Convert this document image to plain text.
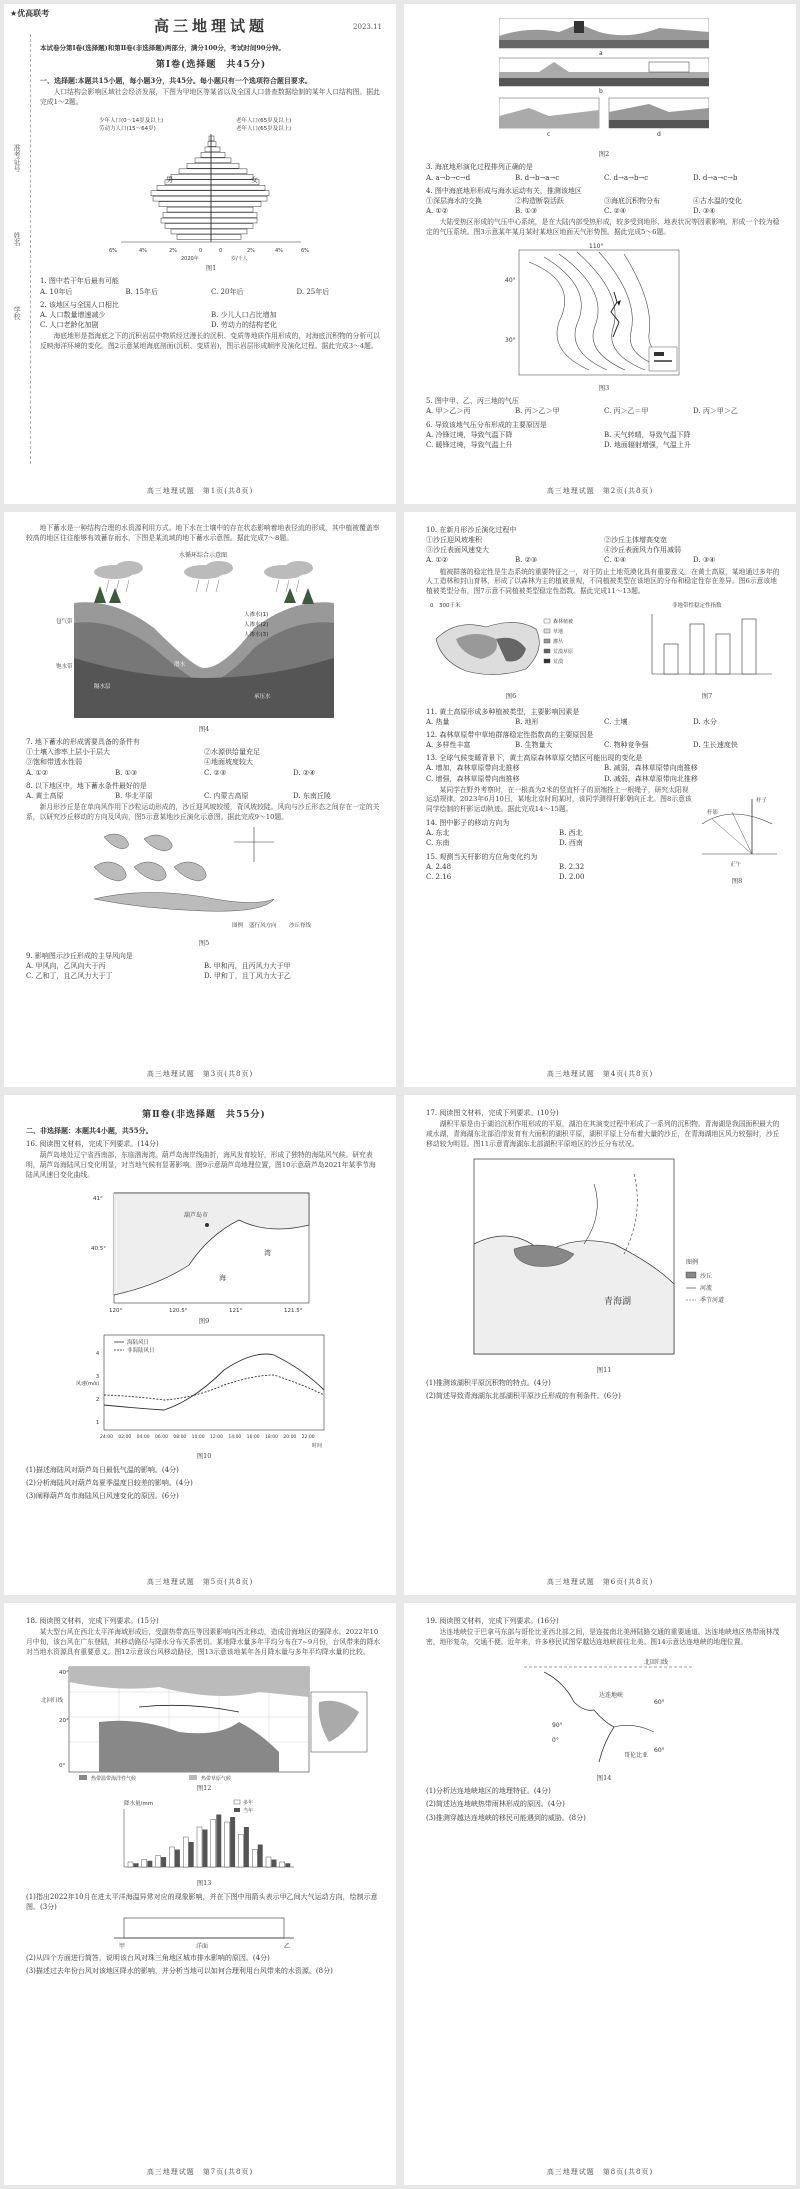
★优高联考
准考证号
姓名
学校
高三地理试题	2023.11
本试卷分第Ⅰ卷(选择题)和第Ⅱ卷(非选择题)两部分，满分100分，考试时间90分钟。
第Ⅰ卷(选择题　共45分)
一、选择题:本题共15小题，每小题3分，共45分。每小题只有一个选项符合题目要求。
人口结构会影响区域社会经济发展，下图为甲地区等某省以及全国人口普查数据绘制的某年人口结构图。据此完成1～2题。
少年人口(0～14岁及以上)
劳动力人口(15～64岁)
老年人口(65岁及以上)
老年人口(65岁及以上)
6%	4%	2%	0	0	2%	4%	6%
2020年	岁/千人
男	女
图1
1. 图中若干年后最有可能
A. 10年后	B. 15年后	C. 20年后	D. 25年后
2. 该地区与全国人口相比
A. 人口数量增速减少	B. 少儿人口占比增加
C. 人口老龄化加剧	D. 劳动力的结构老化
海底地形是指海底之下的沉积岩层中物质经过漫长的沉积、变质等地质作用形成的，对海底沉积物的分析可以反映海洋环境的变化。图2示意某地海底剖面(沉积、变质岩)，图示岩层形成顺序及演化过程。据此完成3～4题。
高三地理试题　第1页(共8页)
a
b
c	d
图2
3. 海底地形演化过程排列正确的是
A. a→b→c→d	B. d→b→a→c	C. d→a→b→c	D. d→a→c→b
4. 图中海底地形形成与海水运动有关，推测该地区
①深层海水的交换	②构造断裂活跃	③海底沉积物分布	④古水温的变化
A. ①②	B. ①③	C. ②④	D. ③④
大陆受热区形成的气压中心系统，是在大陆内部受热形成，较多受到地形、地表状况等因素影响，形成一个较为稳定的气压系统。图3示意某年某月某时某地区地面天气形势图。据此完成5～6题。
110°
40°
30°
图3
5. 图中甲、乙、丙三地的气压
A. 甲＞乙＞丙	B. 丙＞乙＞甲	C. 丙＞乙＝甲	D. 丙＞甲＞乙
6. 导致该地气压分布形成的主要原因是
A. 冷锋过境，导致气温下降	B. 天气转晴，导致气温下降
C. 暖锋过境，导致气温上升	D. 地面辐射增强，气温上升
高三地理试题　第2页(共8页)
地下蓄水是一种结构合理的水资源利用方式。地下水在土壤中的存在状态影响着地表径流的形成，其中植被覆盖率较高的地区往往能够有效蓄存雨水，下图是某流域的地下蓄水示意图。据此完成7～8题。
水循环综合示意图
包气带
饱水带	潜水
人渗水(1)
人渗水(2)
人渗水(3)
隔水层
承压水
图4
7. 地下蓄水的形成需要具备的条件有
①土壤入渗率上层小于层大	②水源供给量充足
③饱和带透水性弱	④地面坡度较大
A. ①②	B. ①③	C. ②③	D. ②④
8. 以下地区中，地下蓄水条件最好的是
A. 黄土高原	B. 华北平原	C. 内蒙古高原	D. 东南丘陵
新月形沙丘是在单向风作用下沙粒运动形成的，沙丘迎风坡较缓，背风坡较陡。风向与沙丘形态之间存在一定的关系，以研究沙丘移动的方向及风向，图5示意某地沙丘演化示意图。据此完成9～10题。
图例 盛行风方向 沙丘脊线
图5
9. 影响图示沙丘形成的主导风向是
A. 甲风向，乙风向大于丙	B. 甲和丙，且丙风力大于甲
C. 乙和丁，且乙风力大于丁	D. 甲和丁，且丁风力大于乙
高三地理试题　第3页(共8页)
10. 在新月形沙丘演化过程中
①沙丘迎风坡堆积	②沙丘主体增高变宽
③沙丘表面风速变大	④沙丘表面风力作用减弱
A. ①②	B. ②③	C. ①④	D. ③④
植被群落的稳定性是生态系统的重要特征之一，对于防止土地荒漠化具有重要意义。在黄土高原，某地通过多年的人工造林和封山育林，形成了以森林为主的植被景观，不同植被类型在该地区的分布和稳定性存在差异。图6示意该地植被类型分布，图7示意不同植被类型稳定性指数。据此完成11～13题。
0　300千米
森林植被
草地
灌丛
荒漠草原
荒漠
图6
非地带性稳定性指数
图7
11. 黄土高原形成多种植被类型，主要影响因素是
A. 热量	B. 地形	C. 土壤	D. 水分
12. 森林草原带中草地群落稳定性指数高的主要原因是
A. 多样性丰富	B. 生物量大	C. 物种竞争强	D. 生长速度快
13. 全球气候变暖背景下，黄土高原森林草原交错区可能出现的变化是
A. 增加，森林草原带向北推移	B. 减弱，森林草原带向南推移
C. 增强，森林草原带向南推移	D. 减弱，森林草原带向北推移
某同学在野外考察时，在一根高为2米的竖直杆子的顶端拴上一根绳子，研究太阳视运动规律。2023年6月10日，某地北京时间某时，该同学测得杆影朝向正北。图8示意该同学绘制的杆影运动轨迹。据此完成14～15题。
14. 图中影子的移动方向为
A. 东北	B. 西北
C. 东南	D. 西南
15. 观测当天杆影的方位角变化约为
A. 2.48	B. 2.32
C. 2.16	D. 2.00
杆影
杆子
正午
图8
高三地理试题　第4页(共8页)
第Ⅱ卷(非选择题　共55分)
二、非选择题：本题共4小题，共55分。
16. 阅读图文材料，完成下列要求。(14分)
葫芦岛地处辽宁省西南部，东临渤海湾。葫芦岛海岸线曲折，海风发育较好，形成了独特的海陆风气候。研究表明，葫芦岛海陆风日变化明显，对当地气候有显著影响。图9示意葫芦岛地理位置，图10示意葫芦岛2021年某季节海陆风风速日变化曲线。
葫芦岛市
海
湾
41°
40.5°
120°	120.5°	121°	121.5°
图9
海陆风日
非海陆风日
风速(m/s)
时间
4
3
2
1
24:00 02:00 04:00 06:00 08:00 10:00 12:00 14:00 16:00 18:00 20:00 22:00
图10
(1)描述海陆风对葫芦岛日最低气温的影响。(4分)
(2)分析海陆风对葫芦岛夏季温度日较差的影响。(4分)
(3)阐释葫芦岛市海陆风日风速变化的原因。(6分)
高三地理试题　第5页(共8页)
17. 阅读图文材料，完成下列要求。(10分)
湖积平原是由于湖泊沉积作用形成的平原，湖泊在其演变过程中形成了一系列的沉积物。青海湖是我国面积最大的咸水湖，青海湖东北部沿岸发育有大面积的湖积平原，湖积平原上分布着大量的沙丘，在青海湖地区风力较强时，沙丘移动较为明显。图11示意青海湖东北部湖积平原地区的沙丘分布状况。
青海湖
图例
沙丘
河流
季节河道
图11
(1)推测该湖积平原沉积物的特点。(4分)
(2)简述导致青海湖东北部湖积平原沙丘形成的有利条件。(6分)
高三地理试题　第6页(共8页)
18. 阅读图文材料，完成下列要求。(15分)
某大型台风在西北太平洋海域形成后，受副热带高压等因素影响向西北移动，造成沿海地区的强降水。2022年10月中旬，该台风在广东登陆，其移动路径与降水分布关系密切。某地降水量多年平均分布在7~9月份，台风带来的降水对当地水资源具有重要意义。图12示意该台风移动路径，图13示意该地某年各月降水量与多年平均降水量的比较。
北回归线
40°
20°
0°
热带温带海洋性气候	热带草原气候
图12
降水量/mm	多年
当年
图13
(1)指出2022年10月在进太平洋海温异常对应的现象影响，并在下图中用箭头表示甲乙间大气运动方向，绘制示意图。(3分)
甲	洋面	乙
(2)从四个方面进行简答，说明该台风对珠三角地区城市排水影响的原因。(4分)
(3)描述过去年份台风对该地区降水的影响，并分析当地可以如何合理利用台风带来的水资源。(8分)
高三地理试题　第7页(共8页)
19. 阅读图文材料，完成下列要求。(16分)
达连地峡位于巴拿马东部与哥伦比亚西北部之间，是连接南北美洲陆路交通的重要通道。达连地峡地区热带雨林茂密，地形复杂，交通不便。近年来，许多移民试图穿越达连地峡前往北美。图14示意达连地峡的地理位置。
北回归线
达连地峡
哥伦比亚
60°
90°
0°
60°
图14
(1)分析达连地峡地区的地理特征。(4分)
(2)简述达连地峡热带雨林形成的原因。(4分)
(3)推测穿越达连地峡的移民可能遇到的威胁。(8分)
高三地理试题　第8页(共8页)
